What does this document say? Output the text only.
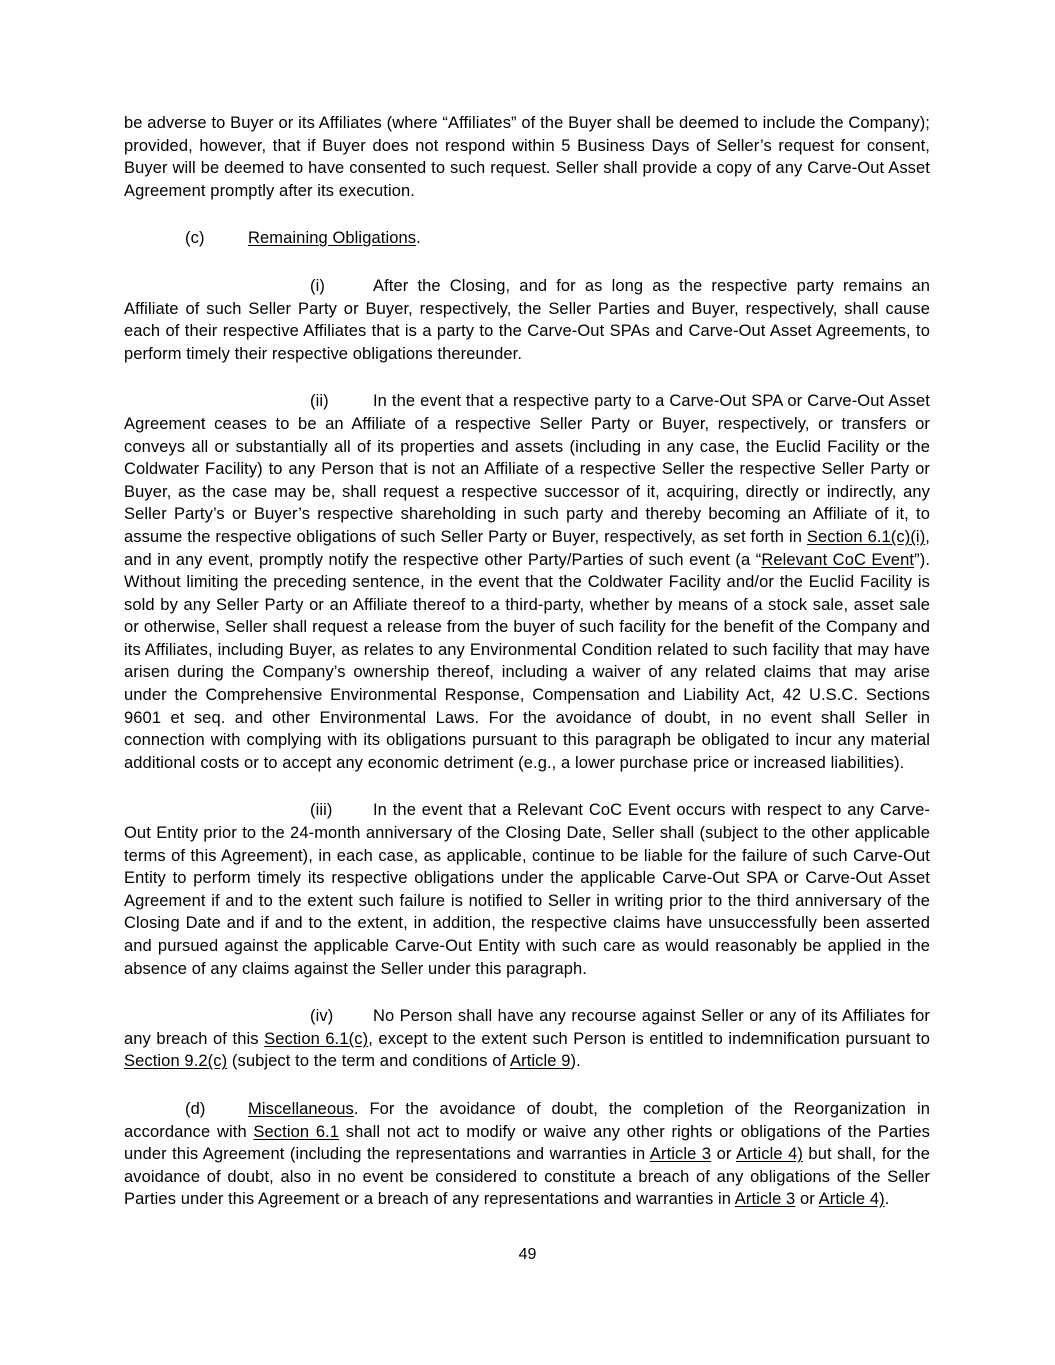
be adverse to Buyer or its Affiliates (where “Affiliates” of the Buyer shall be deemed to include the Company); provided, however, that if Buyer does not respond within 5 Business Days of Seller’s request for consent, Buyer will be deemed to have consented to such request. Seller shall provide a copy of any Carve-Out Asset Agreement promptly after its execution.

(c)	Remaining Obligations.

(i)	After the Closing, and for as long as the respective party remains an Affiliate of such Seller Party or Buyer, respectively, the Seller Parties and Buyer, respectively, shall cause each of their respective Affiliates that is a party to the Carve-Out SPAs and Carve-Out Asset Agreements, to perform timely their respective obligations thereunder.

(ii)	In the event that a respective party to a Carve-Out SPA or Carve-Out Asset Agreement ceases to be an Affiliate of a respective Seller Party or Buyer, respectively, or transfers or conveys all or substantially all of its properties and assets (including in any case, the Euclid Facility or the Coldwater Facility) to any Person that is not an Affiliate of a respective Seller the respective Seller Party or Buyer, as the case may be, shall request a respective successor of it, acquiring, directly or indirectly, any Seller Party’s or Buyer’s respective shareholding in such party and thereby becoming an Affiliate of it, to assume the respective obligations of such Seller Party or Buyer, respectively, as set forth in Section 6.1(c)(i), and in any event, promptly notify the respective other Party/Parties of such event (a “Relevant CoC Event”). Without limiting the preceding sentence, in the event that the Coldwater Facility and/or the Euclid Facility is sold by any Seller Party or an Affiliate thereof to a third-party, whether by means of a stock sale, asset sale or otherwise, Seller shall request a release from the buyer of such facility for the benefit of the Company and its Affiliates, including Buyer, as relates to any Environmental Condition related to such facility that may have arisen during the Company’s ownership thereof, including a waiver of any related claims that may arise under the Comprehensive Environmental Response, Compensation and Liability Act, 42 U.S.C. Sections 9601 et seq. and other Environmental Laws. For the avoidance of doubt, in no event shall Seller in connection with complying with its obligations pursuant to this paragraph be obligated to incur any material additional costs or to accept any economic detriment (e.g., a lower purchase price or increased liabilities).

(iii) In the event that a Relevant CoC Event occurs with respect to any Carve-Out Entity prior to the 24-month anniversary of the Closing Date, Seller shall (subject to the other applicable terms of this Agreement), in each case, as applicable, continue to be liable for the failure of such Carve-Out Entity to perform timely its respective obligations under the applicable Carve-Out SPA or Carve-Out Asset Agreement if and to the extent such failure is notified to Seller in writing prior to the third anniversary of the Closing Date and if and to the extent, in addition, the respective claims have unsuccessfully been asserted and pursued against the applicable Carve-Out Entity with such care as would reasonably be applied in the absence of any claims against the Seller under this paragraph.

(iv) No Person shall have any recourse against Seller or any of its Affiliates for any breach of this Section 6.1(c), except to the extent such Person is entitled to indemnification pursuant to Section 9.2(c) (subject to the term and conditions of Article 9).

(d)	Miscellaneous. For the avoidance of doubt, the completion of the Reorganization in accordance with Section 6.1 shall not act to modify or waive any other rights or obligations of the Parties under this Agreement (including the representations and warranties in Article 3 or Article 4) but shall, for the avoidance of doubt, also in no event be considered to constitute a breach of any obligations of the Seller Parties under this Agreement or a breach of any representations and warranties in Article 3 or Article 4).

49
